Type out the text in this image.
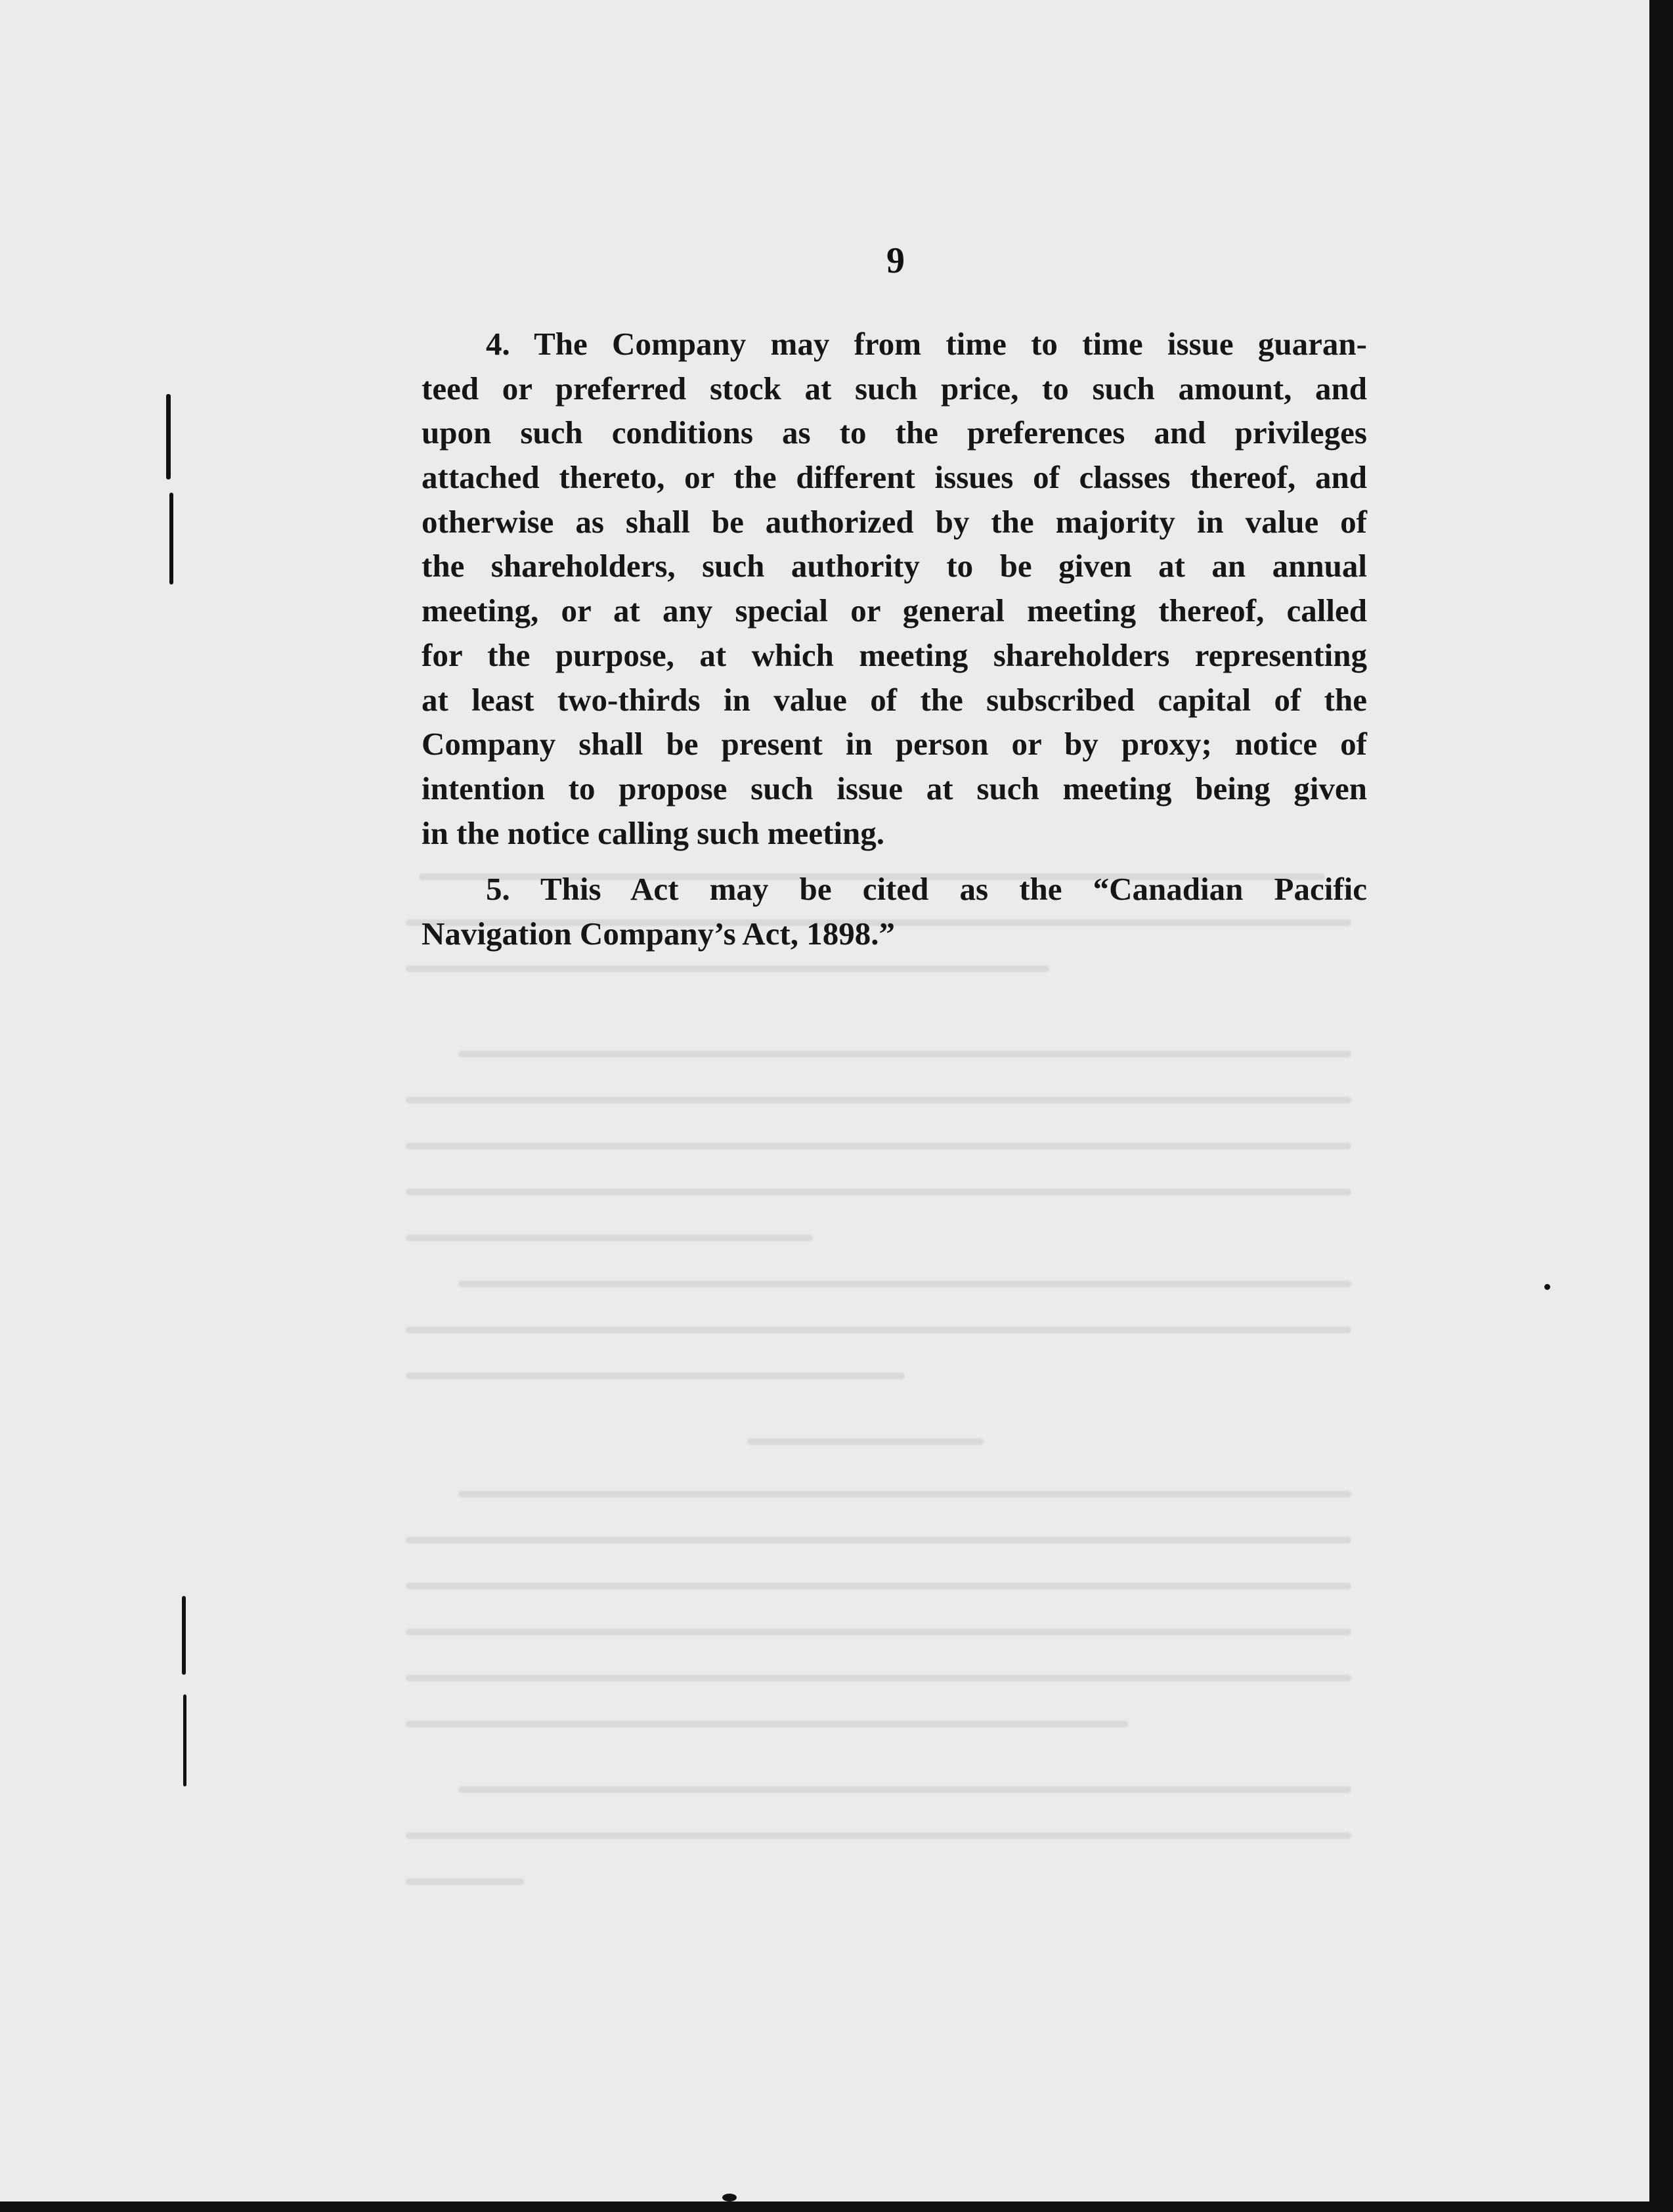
9
4. The Company may from time to time issue guaran-
teed or preferred stock at such price, to such amount, and
upon such conditions as to the preferences and privileges
attached thereto, or the different issues of classes thereof, and
otherwise as shall be authorized by the majority in value of
the shareholders, such authority to be given at an annual
meeting, or at any special or general meeting thereof, called
for the purpose, at which meeting shareholders representing
at least two-thirds in value of the subscribed capital of the
Company shall be present in person or by proxy; notice of
intention to propose such issue at such meeting being given
in the notice calling such meeting.
5. This Act may be cited as the “Canadian Pacific
Navigation Company’s Act, 1898.”
